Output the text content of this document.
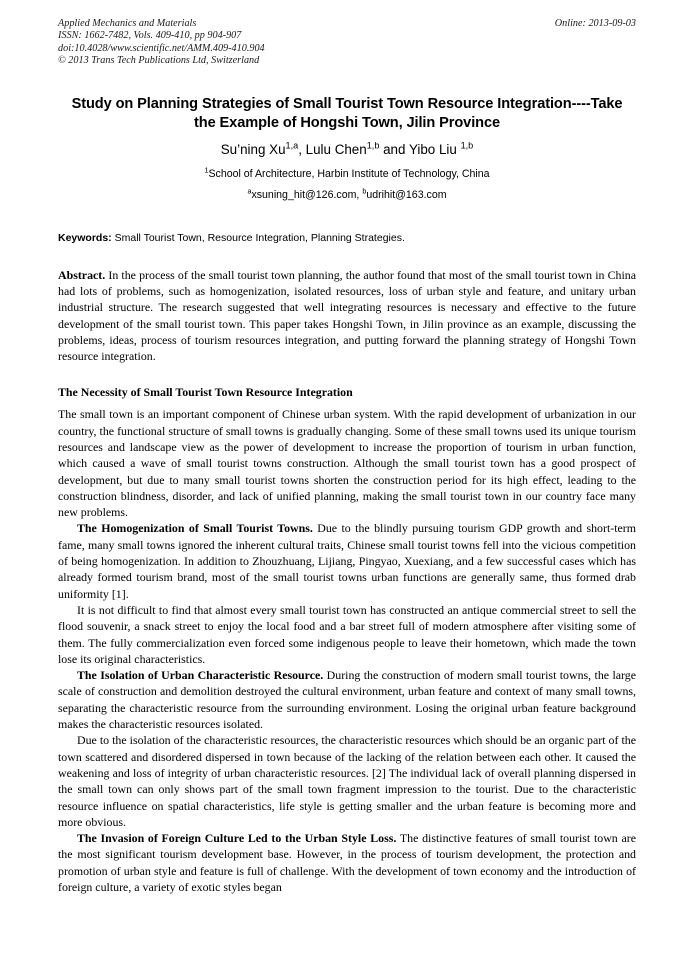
Online: 2013-09-03
Applied Mechanics and Materials
ISSN: 1662-7482, Vols. 409-410, pp 904-907
doi:10.4028/www.scientific.net/AMM.409-410.904
© 2013 Trans Tech Publications Ltd, Switzerland
Study on Planning Strategies of Small Tourist Town Resource Integration----Take the Example of Hongshi Town, Jilin Province
Su’ning Xu$^{1,a}$, Lulu Chen$^{1,b}$ and Yibo Liu $^{1,b}$
$^1$School of Architecture, Harbin Institute of Technology, China
$^a$xsuning_hit@126.com, $^b$udrihit@163.com
Keywords: Small Tourist Town, Resource Integration, Planning Strategies.
Abstract. In the process of the small tourist town planning, the author found that most of the small tourist town in China had lots of problems, such as homogenization, isolated resources, loss of urban style and feature, and unitary urban industrial structure. The research suggested that well integrating resources is necessary and effective to the future development of the small tourist town. This paper takes Hongshi Town, in Jilin province as an example, discussing the problems, ideas, process of tourism resources integration, and putting forward the planning strategy of Hongshi Town resource integration.
The Necessity of Small Tourist Town Resource Integration

The small town is an important component of Chinese urban system. With the rapid development of urbanization in our country, the functional structure of small towns is gradually changing. Some of these small towns used its unique tourism resources and landscape view as the power of development to increase the proportion of tourism in urban function, which caused a wave of small tourist towns construction. Although the small tourist town has a good prospect of development, but due to many small tourist towns shorten the construction period for its high effect, leading to the construction blindness, disorder, and lack of unified planning, making the small tourist town in our country face many new problems.

The Homogenization of Small Tourist Towns. Due to the blindly pursuing tourism GDP growth and short-term fame, many small towns ignored the inherent cultural traits, Chinese small tourist towns fell into the vicious competition of being homogenization. In addition to Zhouzhuang, Lijiang, Pingyao, Xuexiang, and a few successful cases which has already formed tourism brand, most of the small tourist towns urban functions are generally same, thus formed drab uniformity [1].

It is not difficult to find that almost every small tourist town has constructed an antique commercial street to sell the flood souvenir, a snack street to enjoy the local food and a bar street full of modern atmosphere after visiting some of them. The fully commercialization even forced some indigenous people to leave their hometown, which made the town lose its original characteristics.

The Isolation of Urban Characteristic Resource. During the construction of modern small tourist towns, the large scale of construction and demolition destroyed the cultural environment, urban feature and context of many small towns, separating the characteristic resource from the surrounding environment. Losing the original urban feature background makes the characteristic resources isolated.

Due to the isolation of the characteristic resources, the characteristic resources which should be an organic part of the town scattered and disordered dispersed in town because of the lacking of the relation between each other. It caused the weakening and loss of integrity of urban characteristic resources. [2] The individual lack of overall planning dispersed in the small town can only shows part of the small town fragment impression to the tourist. Due to the characteristic resource influence on spatial characteristics, life style is getting smaller and the urban feature is becoming more and more obvious.

The Invasion of Foreign Culture Led to the Urban Style Loss. The distinctive features of small tourist town are the most significant tourism development base. However, in the process of tourism development, the protection and promotion of urban style and feature is full of challenge. With the development of town economy and the introduction of foreign culture, a variety of exotic styles began
